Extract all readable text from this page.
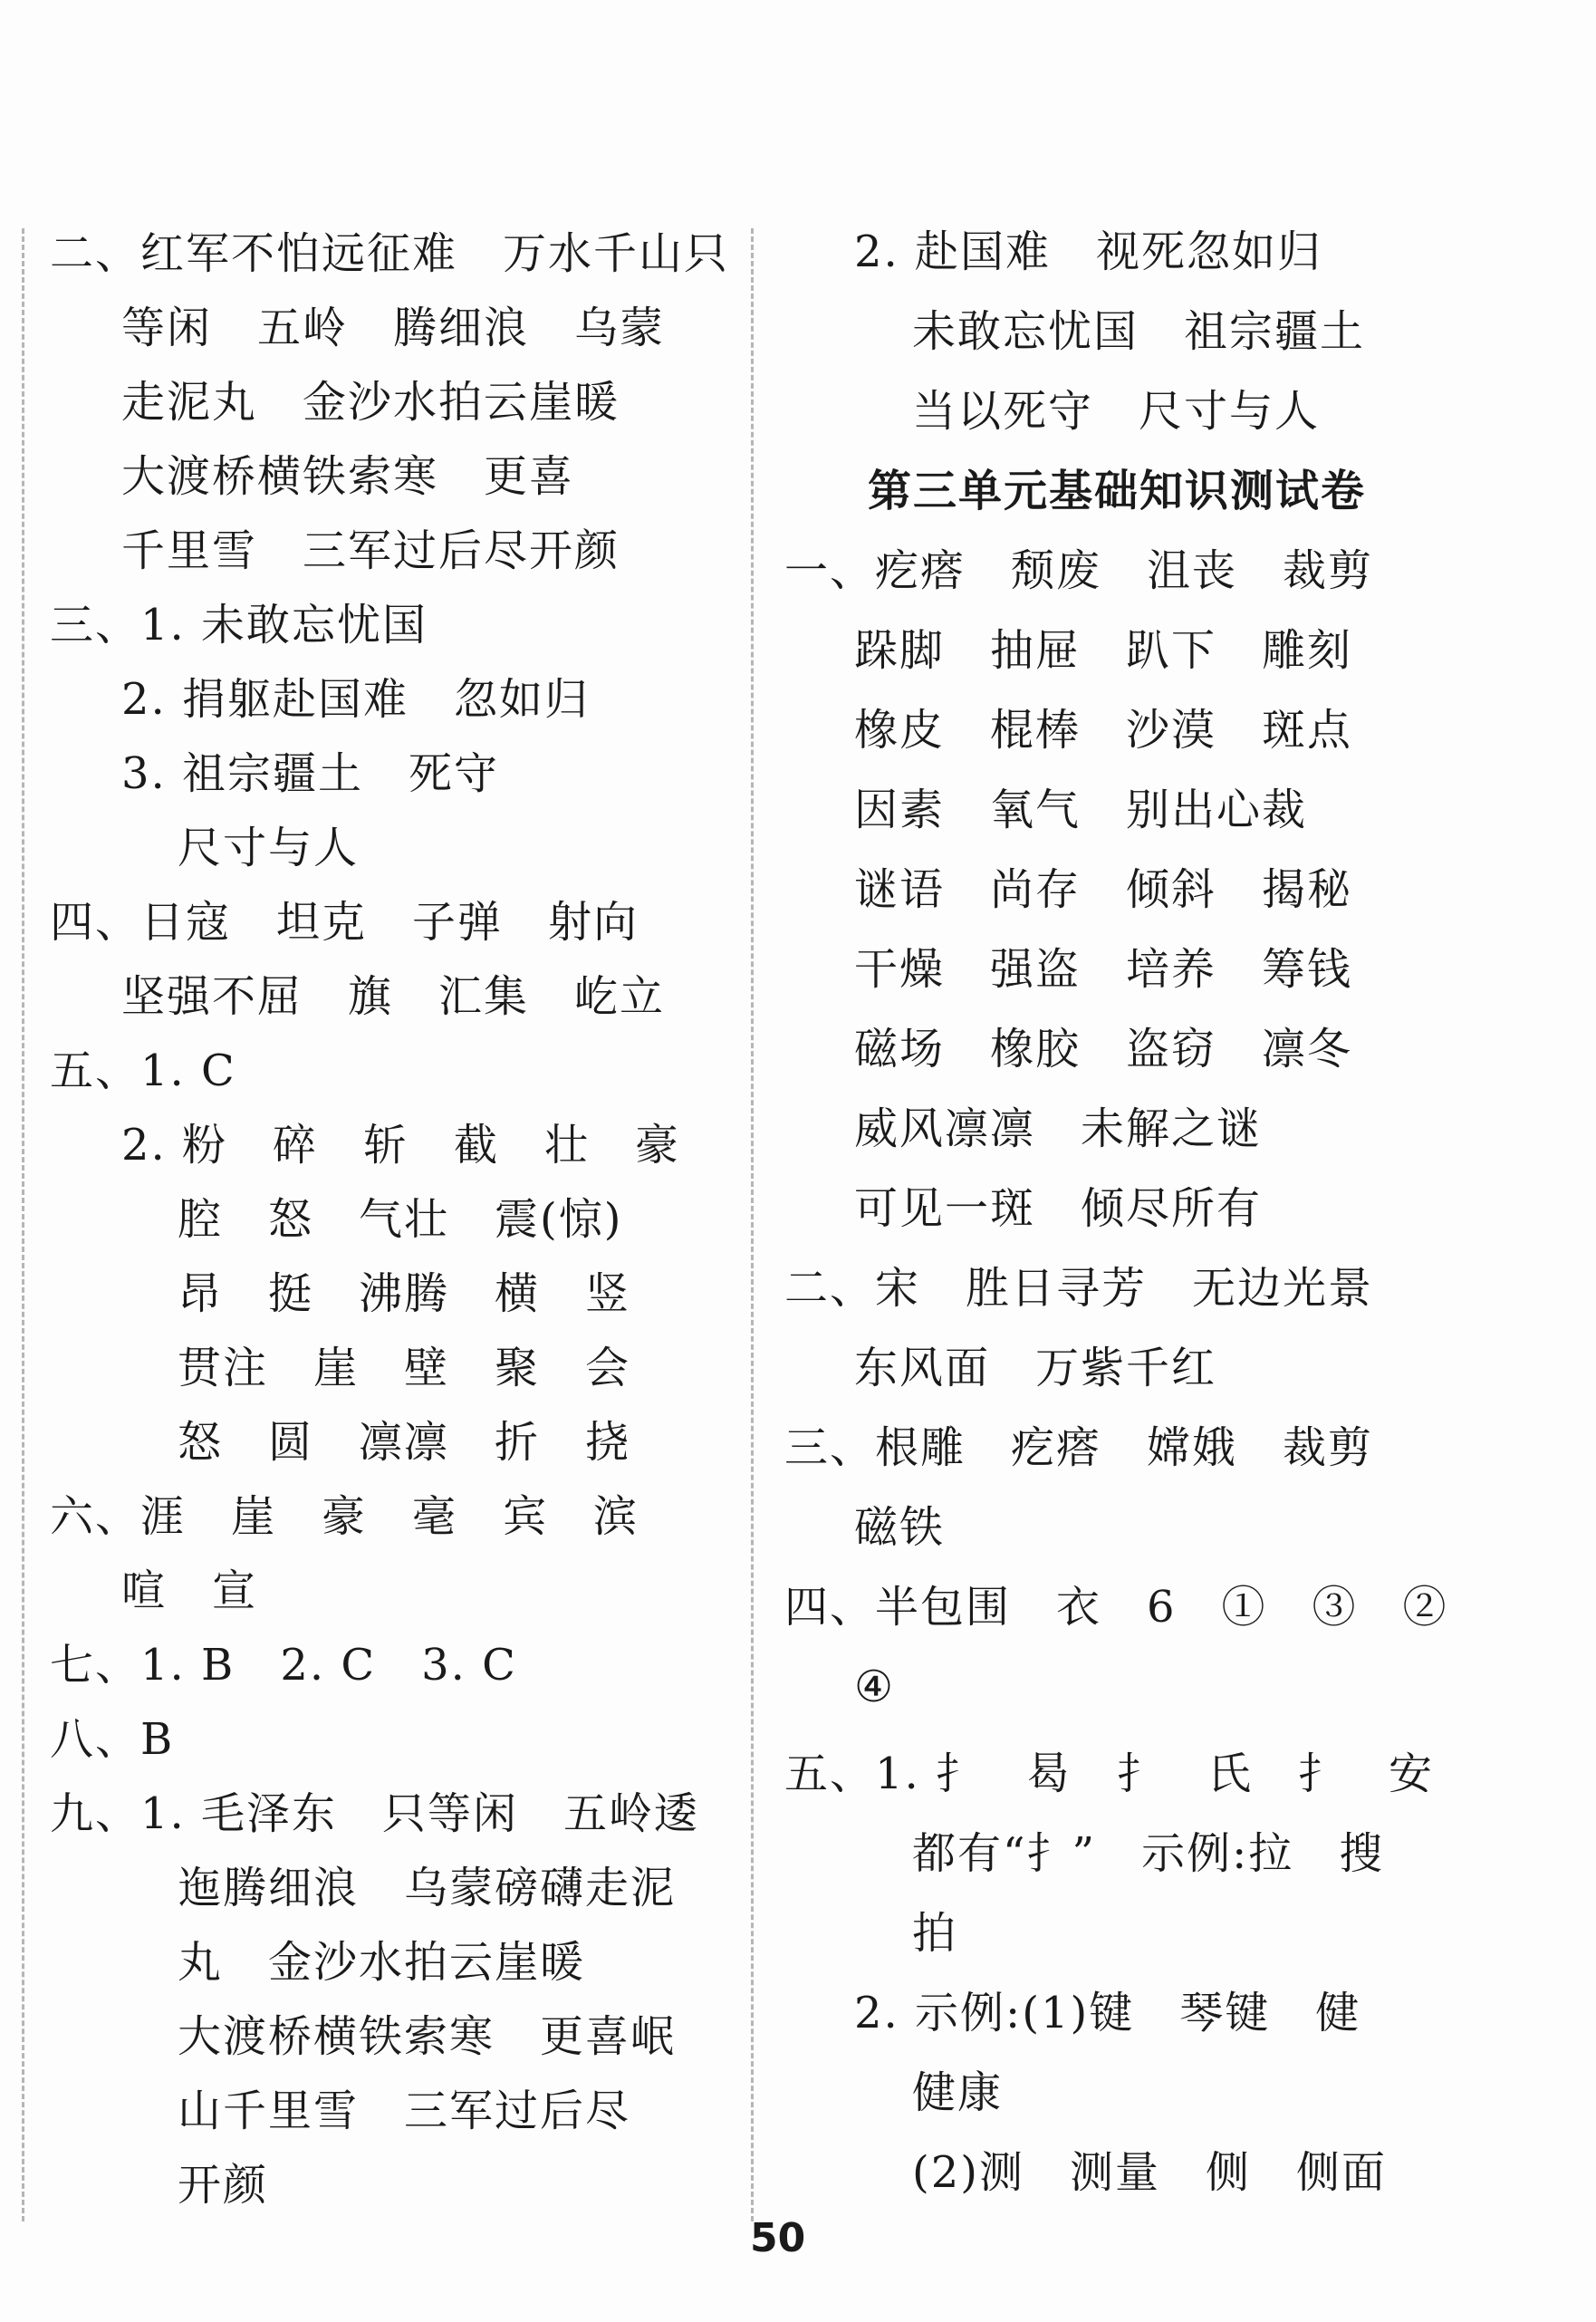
二、红军不怕远征难　万水千山只
等闲　五岭　腾细浪　乌蒙
走泥丸　金沙水拍云崖暖
大渡桥横铁索寒　更喜
千里雪　三军过后尽开颜
三、1. 未敢忘忧国
2. 捐躯赴国难　忽如归
3. 祖宗疆土　死守
尺寸与人
四、日寇　坦克　子弹　射向
坚强不屈　旗　汇集　屹立
五、1. C
2. 粉　碎　斩　截　壮　豪
腔　怒　气壮　震(惊)
昂　挺　沸腾　横　竖
贯注　崖　壁　聚　会
怒　圆　凛凛　折　挠
六、涯　崖　豪　毫　宾　滨
喧　宣
七、1. B　2. C　3. C
八、B
九、1. 毛泽东　只等闲　五岭逶
迤腾细浪　乌蒙磅礴走泥
丸　金沙水拍云崖暖
大渡桥横铁索寒　更喜岷
山千里雪　三军过后尽
开颜
2. 赴国难　视死忽如归
未敢忘忧国　祖宗疆土
当以死守　尺寸与人
第三单元基础知识测试卷
一、疙瘩　颓废　沮丧　裁剪
跺脚　抽屉　趴下　雕刻
橡皮　棍棒　沙漠　斑点
因素　氧气　别出心裁
谜语　尚存　倾斜　揭秘
干燥　强盗　培养　筹钱
磁场　橡胶　盗窃　凛冬
威风凛凛　未解之谜
可见一斑　倾尽所有
二、宋　胜日寻芳　无边光景
东风面　万紫千红
三、根雕　疙瘩　嫦娥　裁剪
磁铁
四、半包围　衣　6　①　③　②
④
五、1. 扌　曷　扌　氏　扌　安
都有“扌”　示例:拉　搜
拍
2. 示例:(1)键　琴键　健
健康
(2)测　测量　侧　侧面
50
